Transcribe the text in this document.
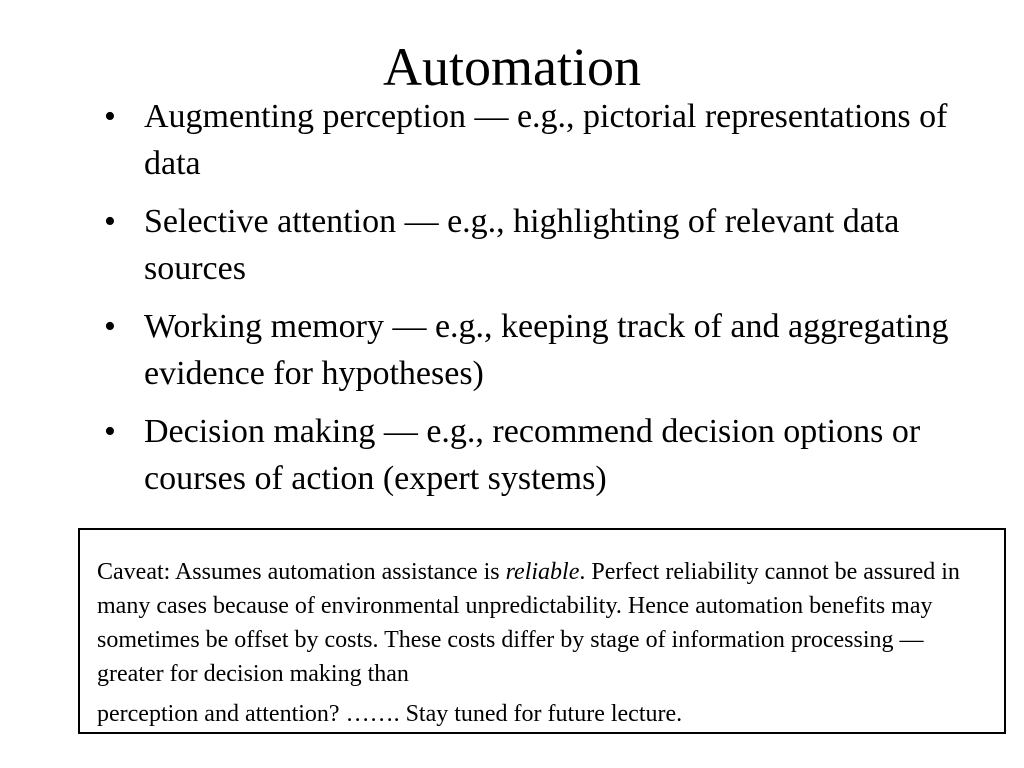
Automation
• Augmenting perception — e.g., pictorial representations of data
• Selective attention — e.g., highlighting of relevant data sources
• Working memory — e.g., keeping track of and aggregating evidence for hypotheses)
• Decision making — e.g., recommend decision options or courses of action (expert systems)

Caveat: Assumes automation assistance is reliable. Perfect reliability cannot be assured in many cases because of environmental unpredictability. Hence automation benefits may sometimes be offset by costs. These costs differ by stage of information processing — greater for decision making than
perception and attention? ……. Stay tuned for future lecture.
